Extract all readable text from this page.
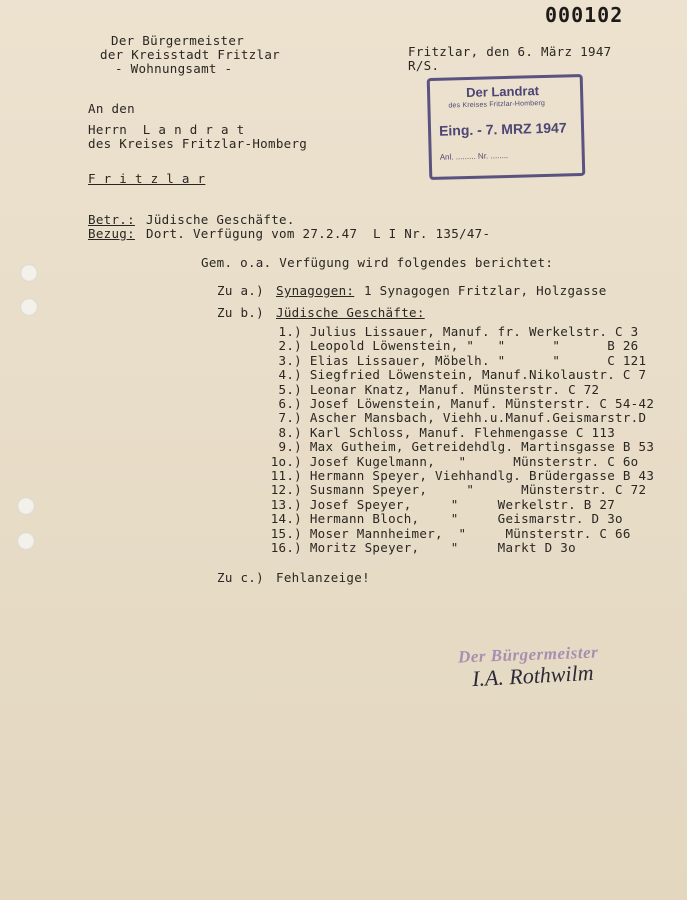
000102
Der Bürgermeister
der Kreisstadt Fritzlar
- Wohnungsamt -
Fritzlar, den 6. März 1947
R/S.
Der Landrat
des Kreises Fritzlar-Homberg
Eing. - 7. MRZ 1947
Anl. ......... Nr. ........
An den
Herrn  L a n d r a t
des Kreises Fritzlar-Homberg
F r i t z l a r
Betr.: Jüdische Geschäfte.
Bezug: Dort. Verfügung vom 27.2.47  L I Nr. 135/47-
Gem. o.a. Verfügung wird folgendes berichtet:
Zu a.) Synagogen: 1 Synagogen Fritzlar, Holzgasse
Zu b.) Jüdische Geschäfte:
1.) Julius Lissauer, Manuf. fr. Werkelstr. C 3
2.) Leopold Löwenstein, "   "      "      B 26
3.) Elias Lissauer, Möbelh. "      "      C 121
4.) Siegfried Löwenstein, Manuf.Nikolaustr. C 7
5.) Leonar Knatz, Manuf. Münsterstr. C 72
6.) Josef Löwenstein, Manuf. Münsterstr. C 54-42
7.) Ascher Mansbach, Viehh.u.Manuf.Geismarstr.D
8.) Karl Schloss, Manuf. Flehmengasse C 113
9.) Max Gutheim, Getreidehdlg. Martinsgasse B 53
1o.) Josef Kugelmann,   "      Münsterstr. C 6o
11.) Hermann Speyer, Viehhandlg. Brüdergasse B 43
12.) Susmann Speyer,     "      Münsterstr. C 72
13.) Josef Speyer,     "     Werkelstr. B 27
14.) Hermann Bloch,    "     Geismarstr. D 3o
15.) Moser Mannheimer,  "     Münsterstr. C 66
16.) Moritz Speyer,    "     Markt D 3o
Zu c.) Fehlanzeige!
Der Bürgermeister
I.A. Rothwilm
